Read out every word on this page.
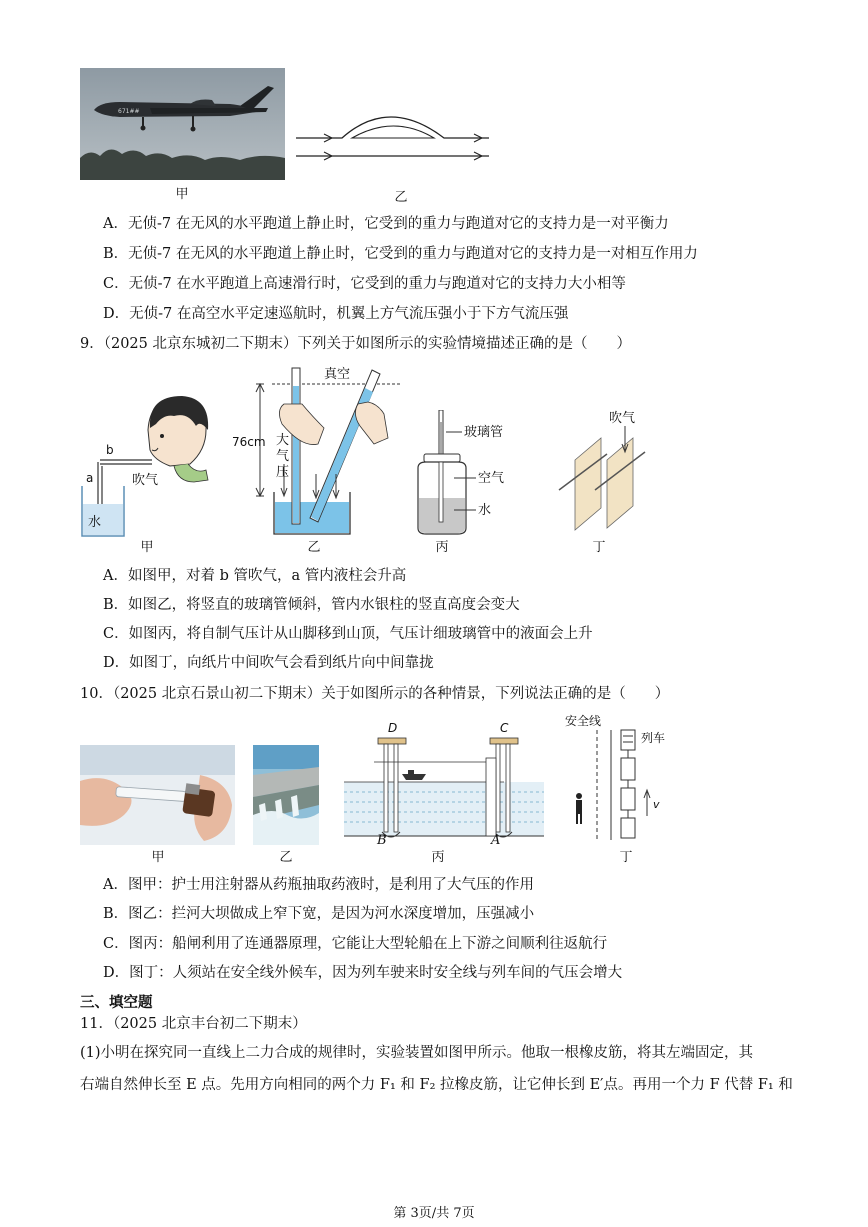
671##
甲	乙
A．无侦-7 在无风的水平跑道上静止时，它受到的重力与跑道对它的支持力是一对平衡力
B．无侦-7 在无风的水平跑道上静止时，它受到的重力与跑道对它的支持力是一对相互作用力
C．无侦-7 在水平跑道上高速滑行时，它受到的重力与跑道对它的支持力大小相等
D．无侦-7 在高空水平定速巡航时，机翼上方气流压强小于下方气流压强
9．（2025 北京东城初二下期末）下列关于如图所示的实验情境描述正确的是（　　）
a
b
吹气
水
甲
真空
76cm 大
气
压
乙
玻璃管
空气
水
丙
吹气
丁
A．如图甲，对着 b 管吹气，a 管内液柱会升高
B．如图乙，将竖直的玻璃管倾斜，管内水银柱的竖直高度会变大
C．如图丙，将自制气压计从山脚移到山顶，气压计细玻璃管中的液面会上升
D．如图丁，向纸片中间吹气会看到纸片向中间靠拢
10．（2025 北京石景山初二下期末）关于如图所示的各种情景，下列说法正确的是（　　）
甲	乙
D	C
B	A
丙
安全线
列车
v
丁
A．图甲：护士用注射器从药瓶抽取药液时，是利用了大气压的作用
B．图乙：拦河大坝做成上窄下宽，是因为河水深度增加，压强减小
C．图丙：船闸利用了连通器原理，它能让大型轮船在上下游之间顺利往返航行
D．图丁：人须站在安全线外候车，因为列车驶来时安全线与列车间的气压会增大
三、填空题
11．（2025 北京丰台初二下期末）
(1)小明在探究同一直线上二力合成的规律时，实验装置如图甲所示。他取一根橡皮筋，将其左端固定，其
右端自然伸长至 E 点。先用方向相同的两个力 F₁ 和 F₂ 拉橡皮筋，让它伸长到 E′点。再用一个力 F 代替 F₁ 和
第 3页/共 7页
